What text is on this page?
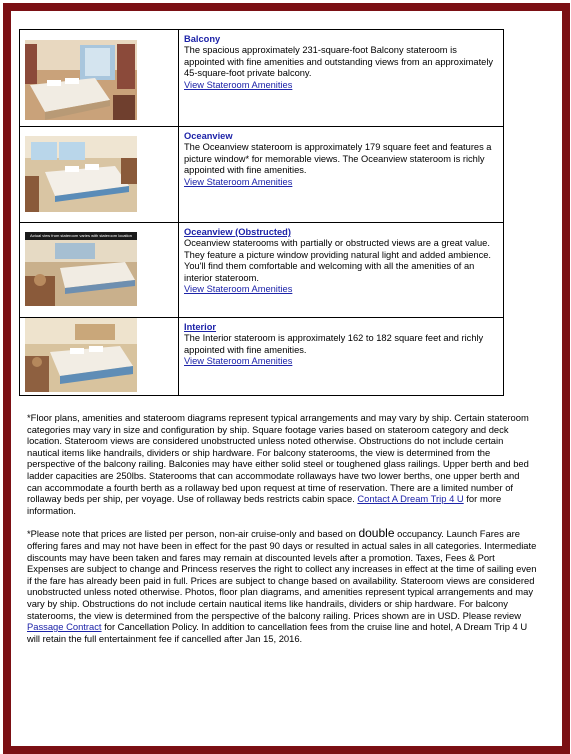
Balcony
The spacious approximately 231-square-foot Balcony stateroom is appointed with fine amenities and outstanding views from an approximately 45-square-foot private balcony.
View Stateroom Amenities

Oceanview
The Oceanview stateroom is approximately 179 square feet and features a picture window* for memorable views. The Oceanview stateroom is richly appointed with fine amenities.
View Stateroom Amenities

Actual view from stateroom varies with stateroom location	Oceanview (Obstructed)
Oceanview staterooms with partially or obstructed views are a great value. They feature a picture window providing natural light and added ambience. You'll find them comfortable and welcoming with all the amenities of an interior stateroom.
View Stateroom Amenities

Interior
The Interior stateroom is approximately 162 to 182 square feet and richly appointed with fine amenities.
View Stateroom Amenities

*Floor plans, amenities and stateroom diagrams represent typical arrangements and may vary by ship. Certain stateroom categories may vary in size and configuration by ship. Square footage varies based on stateroom category and deck location. Stateroom views are considered unobstructed unless noted otherwise. Obstructions do not include certain nautical items like handrails, dividers or ship hardware. For balcony staterooms, the view is determined from the perspective of the balcony railing. Balconies may have either solid steel or toughened glass railings. Upper berth and bed ladder capacities are 250lbs. Staterooms that can accommodate rollaways have two lower berths, one upper berth and can accommodate a fourth berth as a rollaway bed upon request at time of reservation. There are a limited number of rollaway beds per ship, per voyage. Use of rollaway beds restricts cabin space. Contact A Dream Trip 4 U for more information.

*Please note that prices are listed per person, non-air cruise-only and based on double occupancy. Launch Fares are offering fares and may not have been in effect for the past 90 days or resulted in actual sales in all categories. Intermediate discounts may have been taken and fares may remain at discounted levels after a promotion. Taxes, Fees & Port Expenses are subject to change and Princess reserves the right to collect any increases in effect at the time of sailing even if the fare has already been paid in full. Prices are subject to change based on availability. Stateroom views are considered unobstructed unless noted otherwise. Photos, floor plan diagrams, and amenities represent typical arrangements and may vary by ship. Obstructions do not include certain nautical items like handrails, dividers or ship hardware. For balcony staterooms, the view is determined from the perspective of the balcony railing. Prices shown are in USD. Please review Passage Contract for Cancellation Policy. In addition to cancellation fees from the cruise line and hotel, A Dream Trip 4 U will retain the full entertainment fee if cancelled after Jan 15, 2016.
